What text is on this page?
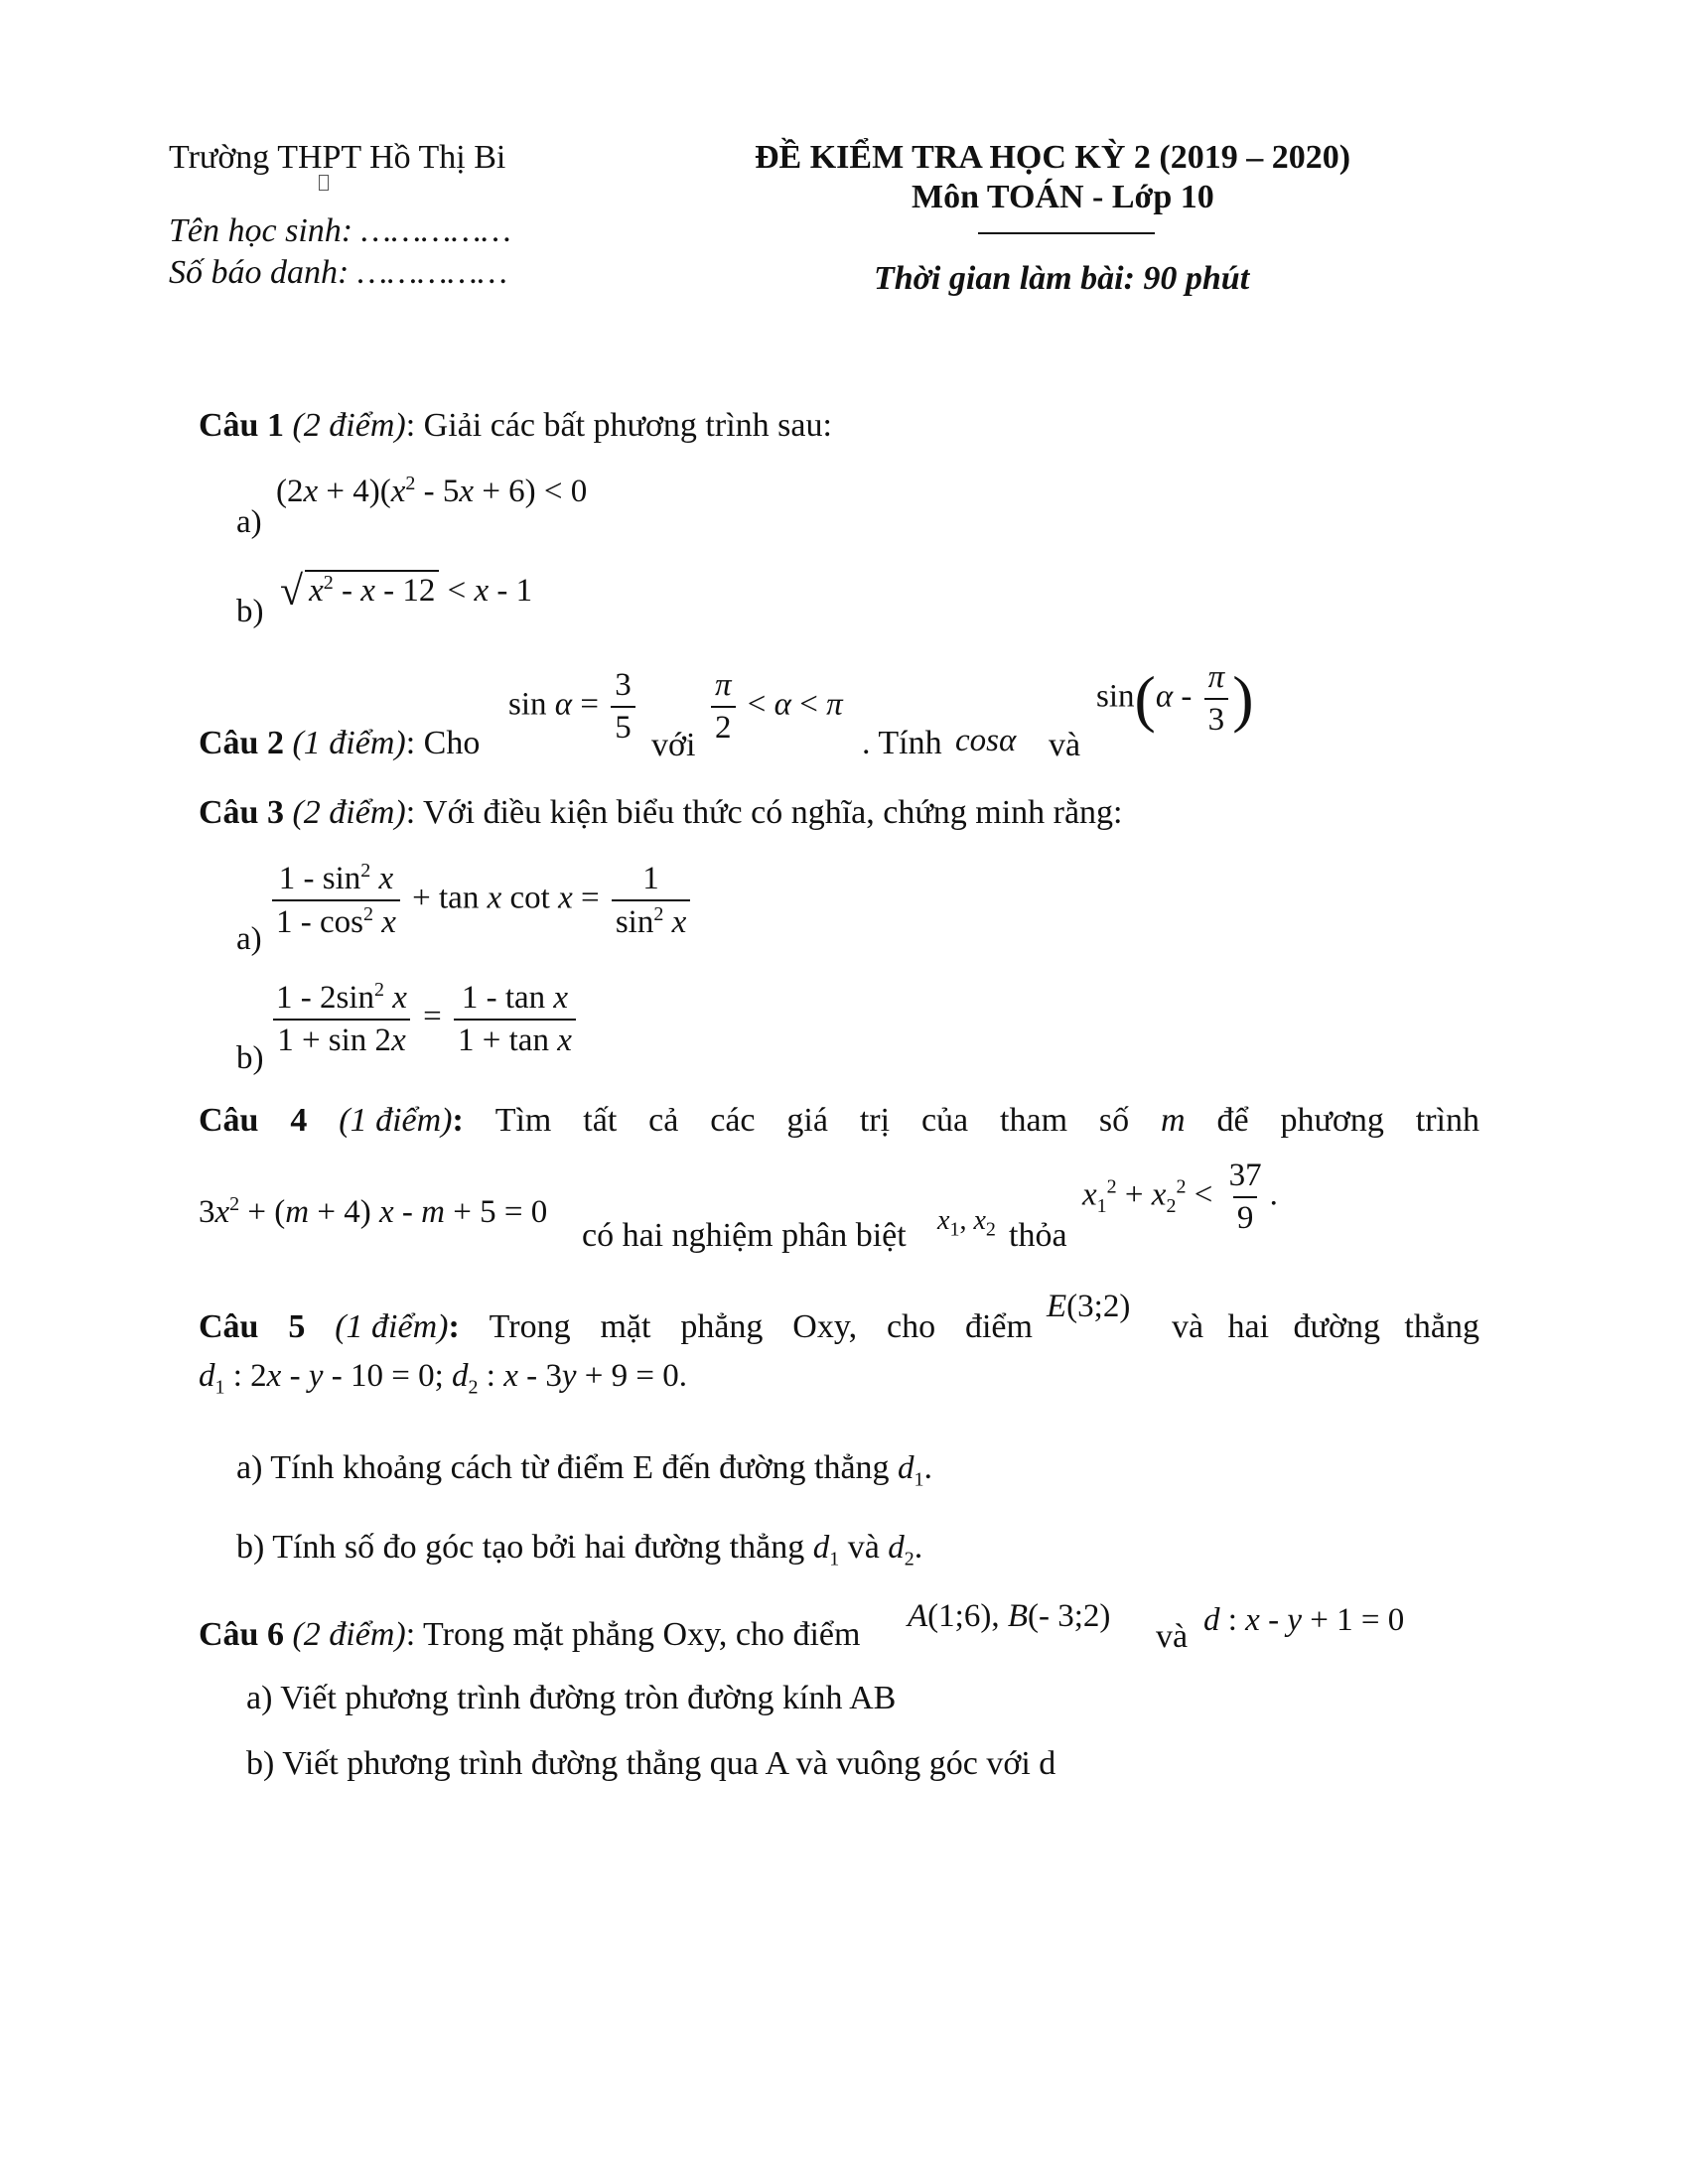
Trường THPT Hồ Thị Bi
Tên học sinh: ……………
Số báo danh: ……………
ĐỀ KIỂM TRA HỌC KỲ 2 (2019 – 2020)
Môn TOÁN - Lớp 10
Thời gian làm bài: 90 phút
Câu 1 (2 điểm): Giải các bất phương trình sau:
a)
$(2x + 4)(x^2 - 5x + 6) < 0$
b) √ $x^2 - x - 12 < x - 1$
Câu 2 (1 điểm): Cho
$\sin \alpha = \frac{3}{5}$ với $\frac{\pi}{2} < \alpha < \pi$
. Tính cosα và
$\sin(\alpha - \frac{\pi}{3}$ )
Câu 3 (2 điểm): Với điều kiện biểu thức có nghĩa, chứng minh rằng:
$a) \frac{1 - \sin^2 x}{1 - \cos^2 x} + \tan x$ $\cot x = \frac{1}{\sin^2 x}$
$b) \frac{1 - 2\sin^2 x}{1 + \sin 2x} = \frac{\text{1 - tan x}}{\text{1 + tan x}}$
Câu 4 (1 điểm): Tìm tất cả các giá trị của tham số m để phương trình
$3x^2 + (m + 4)$ x - m + 5 = 0
có hai nghiệm phân biệt $x_1$, $x_2$ thỏa
$x_1^2 + x_2^2 < \frac{37}{9}$ .
Câu 5 (1 điểm): Trong mặt phẳng Oxy, cho điểm
E(3;2)
và hai đường thẳng
$d_1$ : 2x - y - 10 = 0; $d_2$ : x - 3y + 9 = 0.
a) Tính khoảng cách từ điểm E đến đường thẳng $d_1$.
b) Tính số đo góc tạo bởi hai đường thẳng $d_1$ và $d_2$.
Câu 6 (2 điểm): Trong mặt phẳng Oxy, cho điểm A(1;6), B(- 3;2)
và d : x - y + 1 = 0
a) Viết phương trình đường tròn đường kính AB
b) Viết phương trình đường thẳng qua A và vuông góc với d
